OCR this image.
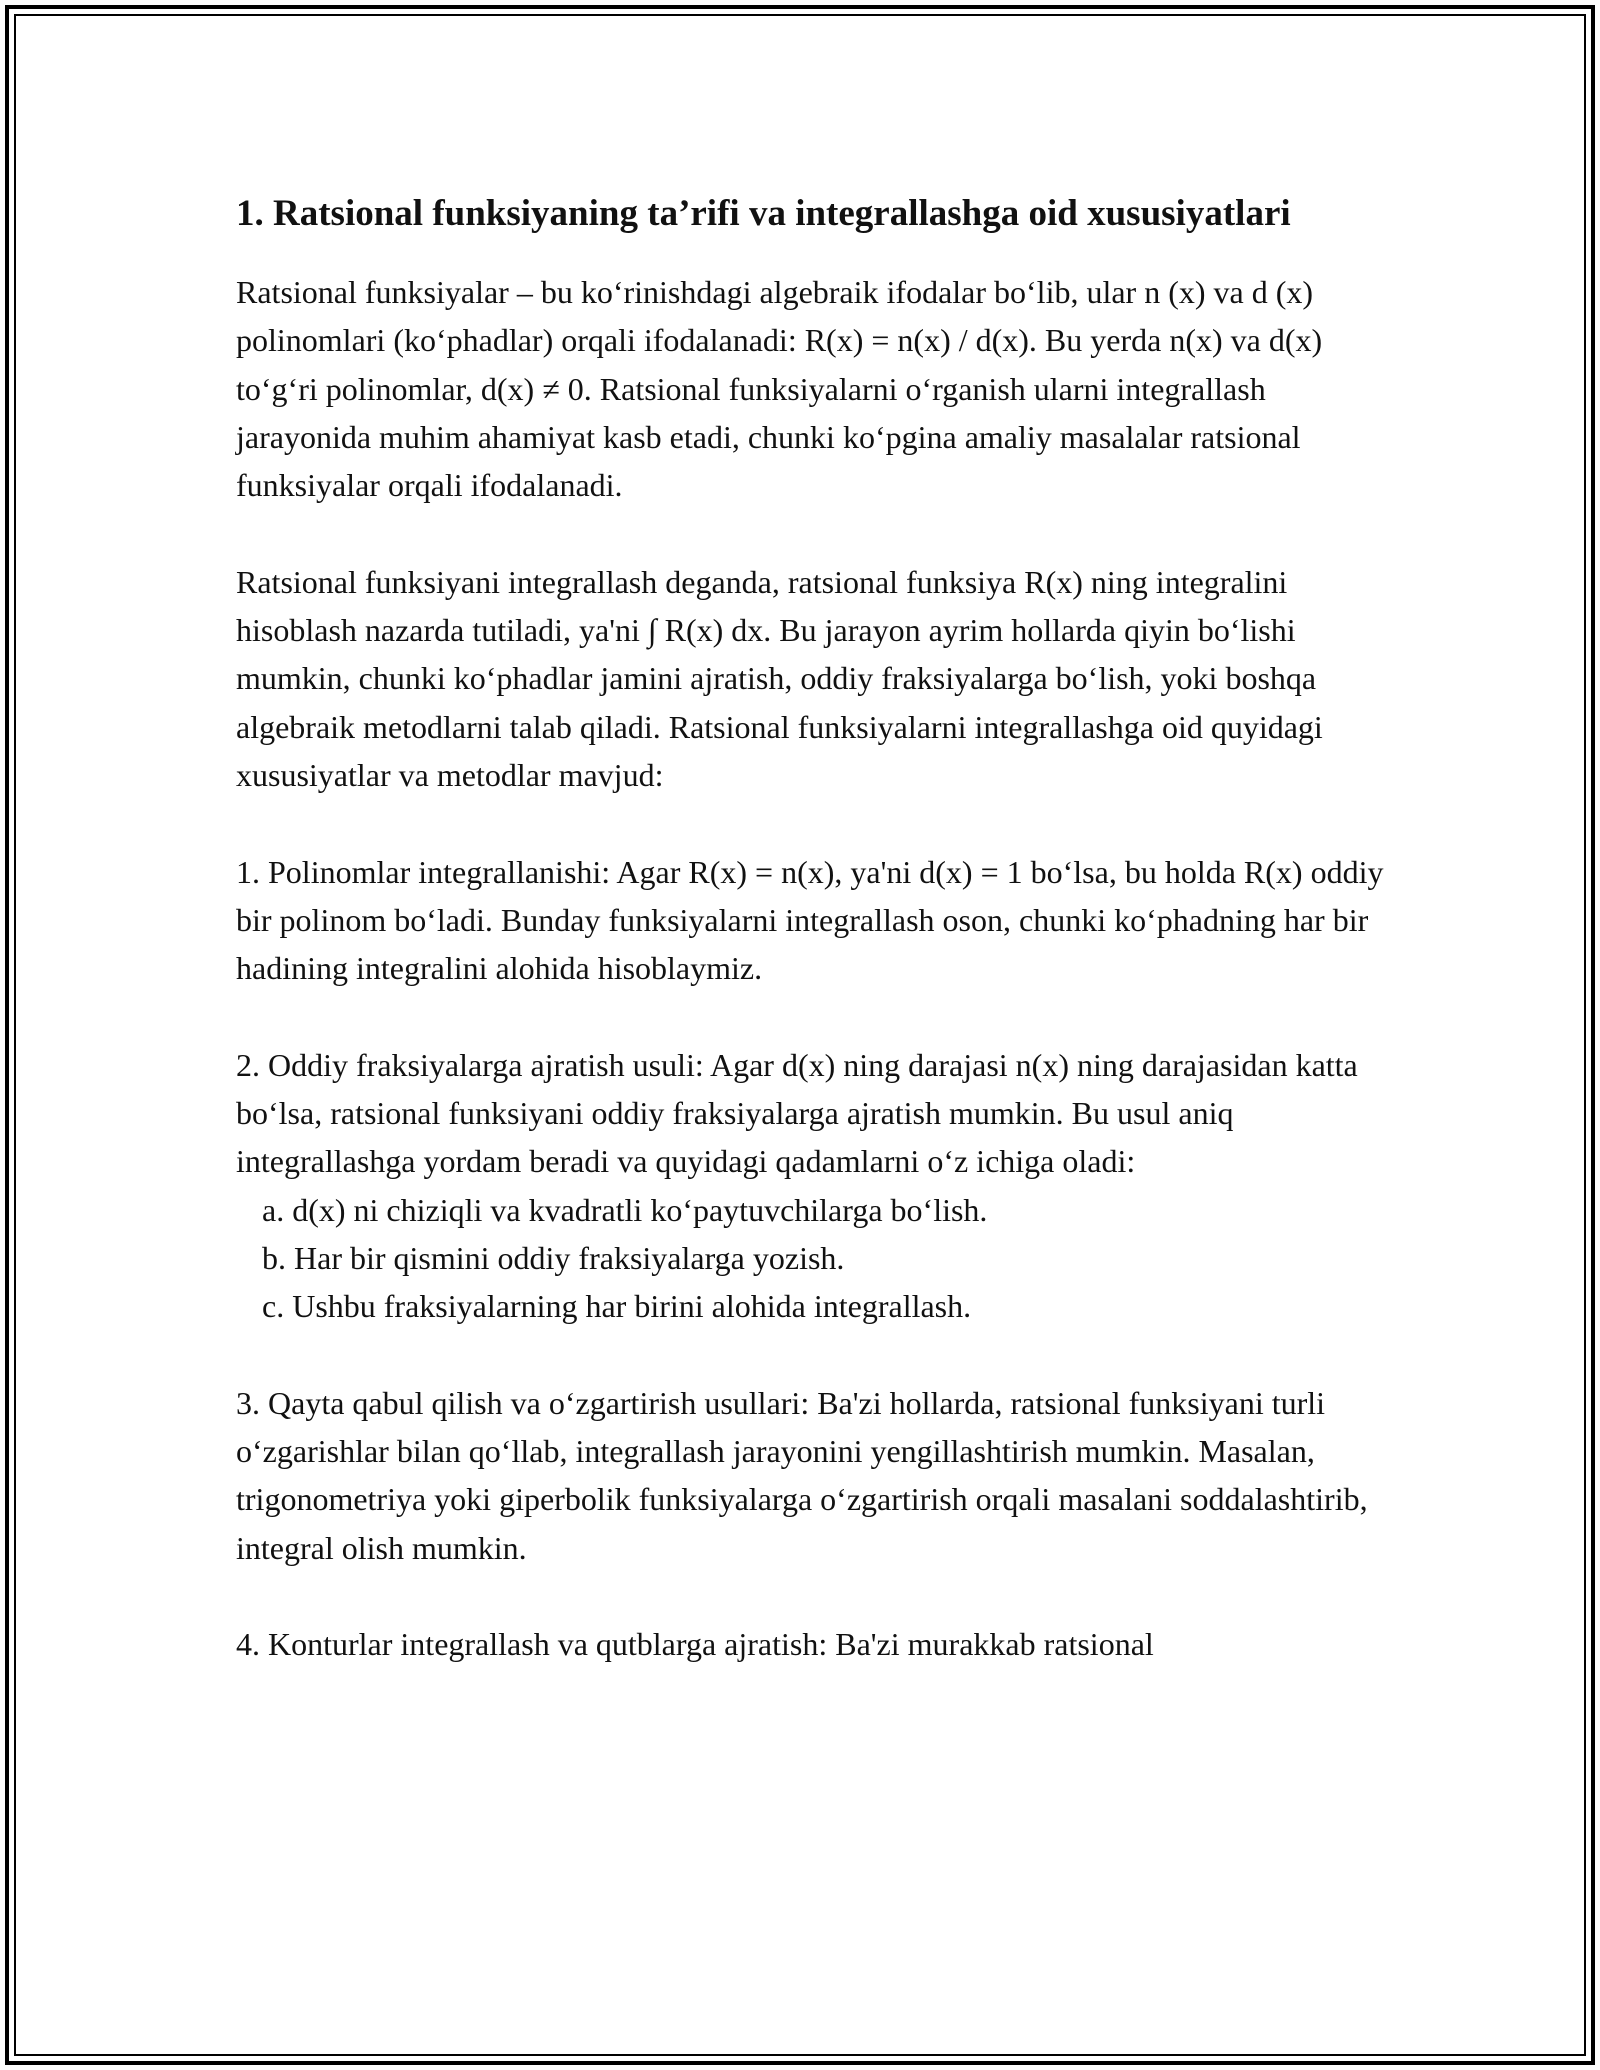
1. Ratsional funksiyaning ta’rifi va integrallashga oid xususiyatlari

Ratsional funksiyalar – bu ko‘rinishdagi algebraik ifodalar bo‘lib, ular n (x) va d (x) polinomlari (ko‘phadlar) orqali ifodalanadi: R(x) = n(x) / d(x). Bu yerda n(x) va d(x) to‘g‘ri polinomlar, d(x) ≠ 0. Ratsional funksiyalarni o‘rganish ularni integrallash jarayonida muhim ahamiyat kasb etadi, chunki ko‘pgina amaliy masalalar ratsional funksiyalar orqali ifodalanadi.

Ratsional funksiyani integrallash deganda, ratsional funksiya R(x) ning integralini hisoblash nazarda tutiladi, ya'ni ∫ R(x) dx. Bu jarayon ayrim hollarda qiyin bo‘lishi mumkin, chunki ko‘phadlar jamini ajratish, oddiy fraksiyalarga bo‘lish, yoki boshqa algebraik metodlarni talab qiladi. Ratsional funksiyalarni integrallashga oid quyidagi xususiyatlar va metodlar mavjud:

1. Polinomlar integrallanishi: Agar R(x) = n(x), ya'ni d(x) = 1 bo‘lsa, bu holda R(x) oddiy bir polinom bo‘ladi. Bunday funksiyalarni integrallash oson, chunki ko‘phadning har bir hadining integralini alohida hisoblaymiz.

2. Oddiy fraksiyalarga ajratish usuli: Agar d(x) ning darajasi n(x) ning darajasidan katta bo‘lsa, ratsional funksiyani oddiy fraksiyalarga ajratish mumkin. Bu usul aniq integrallashga yordam beradi va quyidagi qadamlarni o‘z ichiga oladi:
a. d(x) ni chiziqli va kvadratli ko‘paytuvchilarga bo‘lish.
b. Har bir qismini oddiy fraksiyalarga yozish.
c. Ushbu fraksiyalarning har birini alohida integrallash.

3. Qayta qabul qilish va o‘zgartirish usullari: Ba'zi hollarda, ratsional funksiyani turli o‘zgarishlar bilan qo‘llab, integrallash jarayonini yengillashtirish mumkin. Masalan, trigonometriya yoki giperbolik funksiyalarga o‘zgartirish orqali masalani soddalashtirib, integral olish mumkin.

4. Konturlar integrallash va qutblarga ajratish: Ba'zi murakkab ratsional
